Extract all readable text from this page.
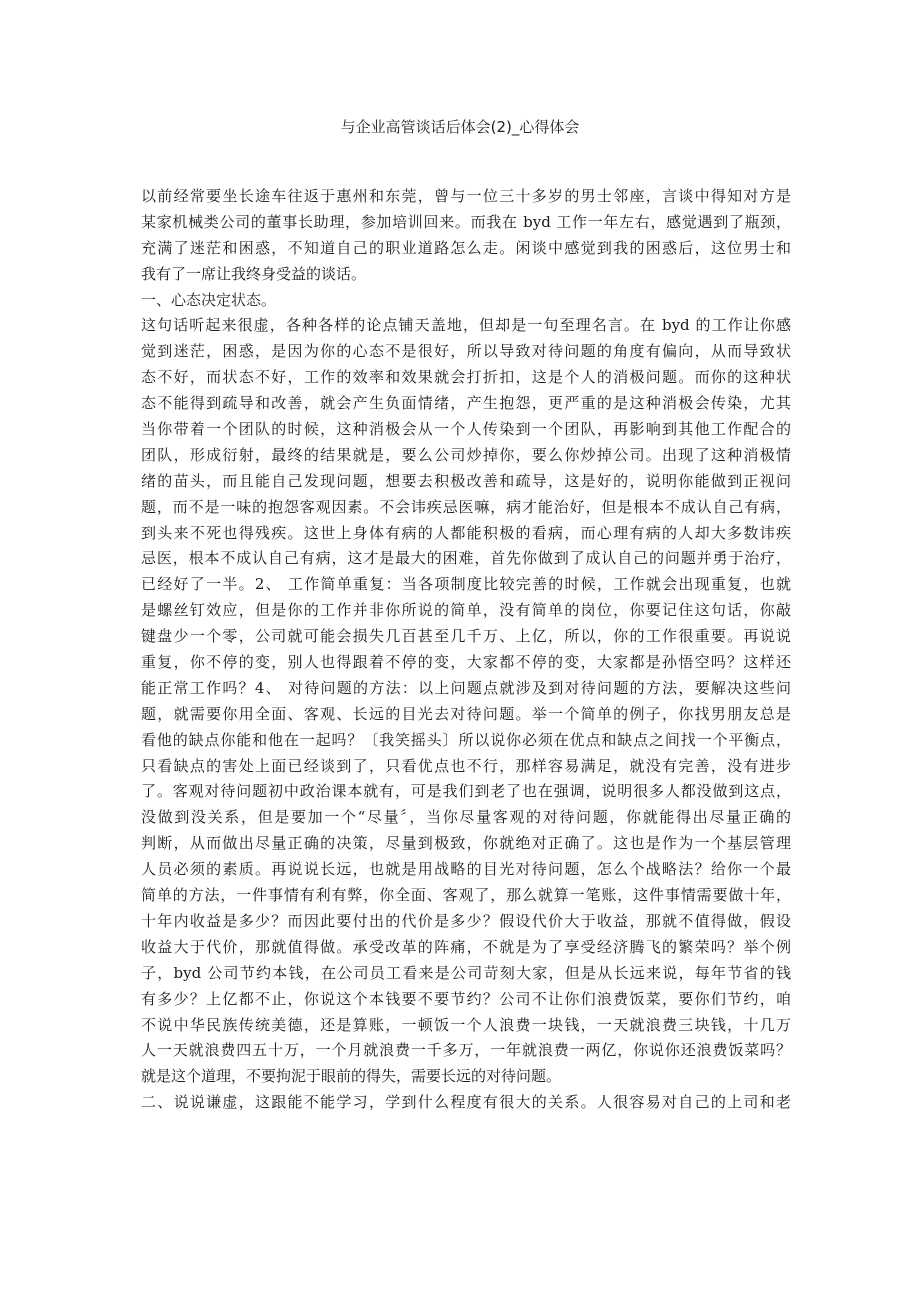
与企业高管谈话后体会(2)_心得体会
以前经常要坐长途车往返于惠州和东莞，曾与一位三十多岁的男士邻座，言谈中得知对方是
某家机械类公司的董事长助理，参加培训回来。而我在 byd 工作一年左右，感觉遇到了瓶颈，
充满了迷茫和困惑，不知道自己的职业道路怎么走。闲谈中感觉到我的困惑后，这位男士和
我有了一席让我终身受益的谈话。
一、心态决定状态。
这句话听起来很虚，各种各样的论点铺天盖地，但却是一句至理名言。在 byd 的工作让你感
觉到迷茫，困惑，是因为你的心态不是很好，所以导致对待问题的角度有偏向，从而导致状
态不好，而状态不好，工作的效率和效果就会打折扣，这是个人的消极问题。而你的这种状
态不能得到疏导和改善，就会产生负面情绪，产生抱怨，更严重的是这种消极会传染，尤其
当你带着一个团队的时候，这种消极会从一个人传染到一个团队，再影响到其他工作配合的
团队，形成衍射，最终的结果就是，要么公司炒掉你，要么你炒掉公司。出现了这种消极情
绪的苗头，而且能自己发现问题，想要去积极改善和疏导，这是好的，说明你能做到正视问
题，而不是一味的抱怨客观因素。不会讳疾忌医嘛，病才能治好，但是根本不成认自己有病，
到头来不死也得残疾。这世上身体有病的人都能积极的看病，而心理有病的人却大多数讳疾
忌医，根本不成认自己有病，这才是最大的困难，首先你做到了成认自己的问题并勇于治疗，
已经好了一半。2、 工作简单重复：当各项制度比较完善的时候，工作就会出现重复，也就
是螺丝钉效应，但是你的工作并非你所说的简单，没有简单的岗位，你要记住这句话，你敲
键盘少一个零，公司就可能会损失几百甚至几千万、上亿，所以，你的工作很重要。再说说
重复，你不停的变，别人也得跟着不停的变，大家都不停的变，大家都是孙悟空吗？这样还
能正常工作吗？4、 对待问题的方法：以上问题点就涉及到对待问题的方法，要解决这些问
题，就需要你用全面、客观、长远的目光去对待问题。举一个简单的例子，你找男朋友总是
看他的缺点你能和他在一起吗？〔我笑摇头〕所以说你必须在优点和缺点之间找一个平衡点，
只看缺点的害处上面已经谈到了，只看优点也不行，那样容易满足，就没有完善，没有进步
了。客观对待问题初中政治课本就有，可是我们到老了也在强调，说明很多人都没做到这点，
没做到没关系，但是要加一个“尽量〞，当你尽量客观的对待问题，你就能得出尽量正确的
判断，从而做出尽量正确的决策，尽量到极致，你就绝对正确了。这也是作为一个基层管理
人员必须的素质。再说说长远，也就是用战略的目光对待问题，怎么个战略法？给你一个最
简单的方法，一件事情有利有弊，你全面、客观了，那么就算一笔账，这件事情需要做十年，
十年内收益是多少？而因此要付出的代价是多少？假设代价大于收益，那就不值得做，假设
收益大于代价，那就值得做。承受改革的阵痛，不就是为了享受经济腾飞的繁荣吗？举个例
子，byd 公司节约本钱，在公司员工看来是公司苛刻大家，但是从长远来说，每年节省的钱
有多少？上亿都不止，你说这个本钱要不要节约？公司不让你们浪费饭菜，要你们节约，咱
不说中华民族传统美德，还是算账，一顿饭一个人浪费一块钱，一天就浪费三块钱，十几万
人一天就浪费四五十万，一个月就浪费一千多万，一年就浪费一两亿，你说你还浪费饭菜吗？
就是这个道理，不要拘泥于眼前的得失，需要长远的对待问题。
二、说说谦虚，这跟能不能学习，学到什么程度有很大的关系。人很容易对自己的上司和老
